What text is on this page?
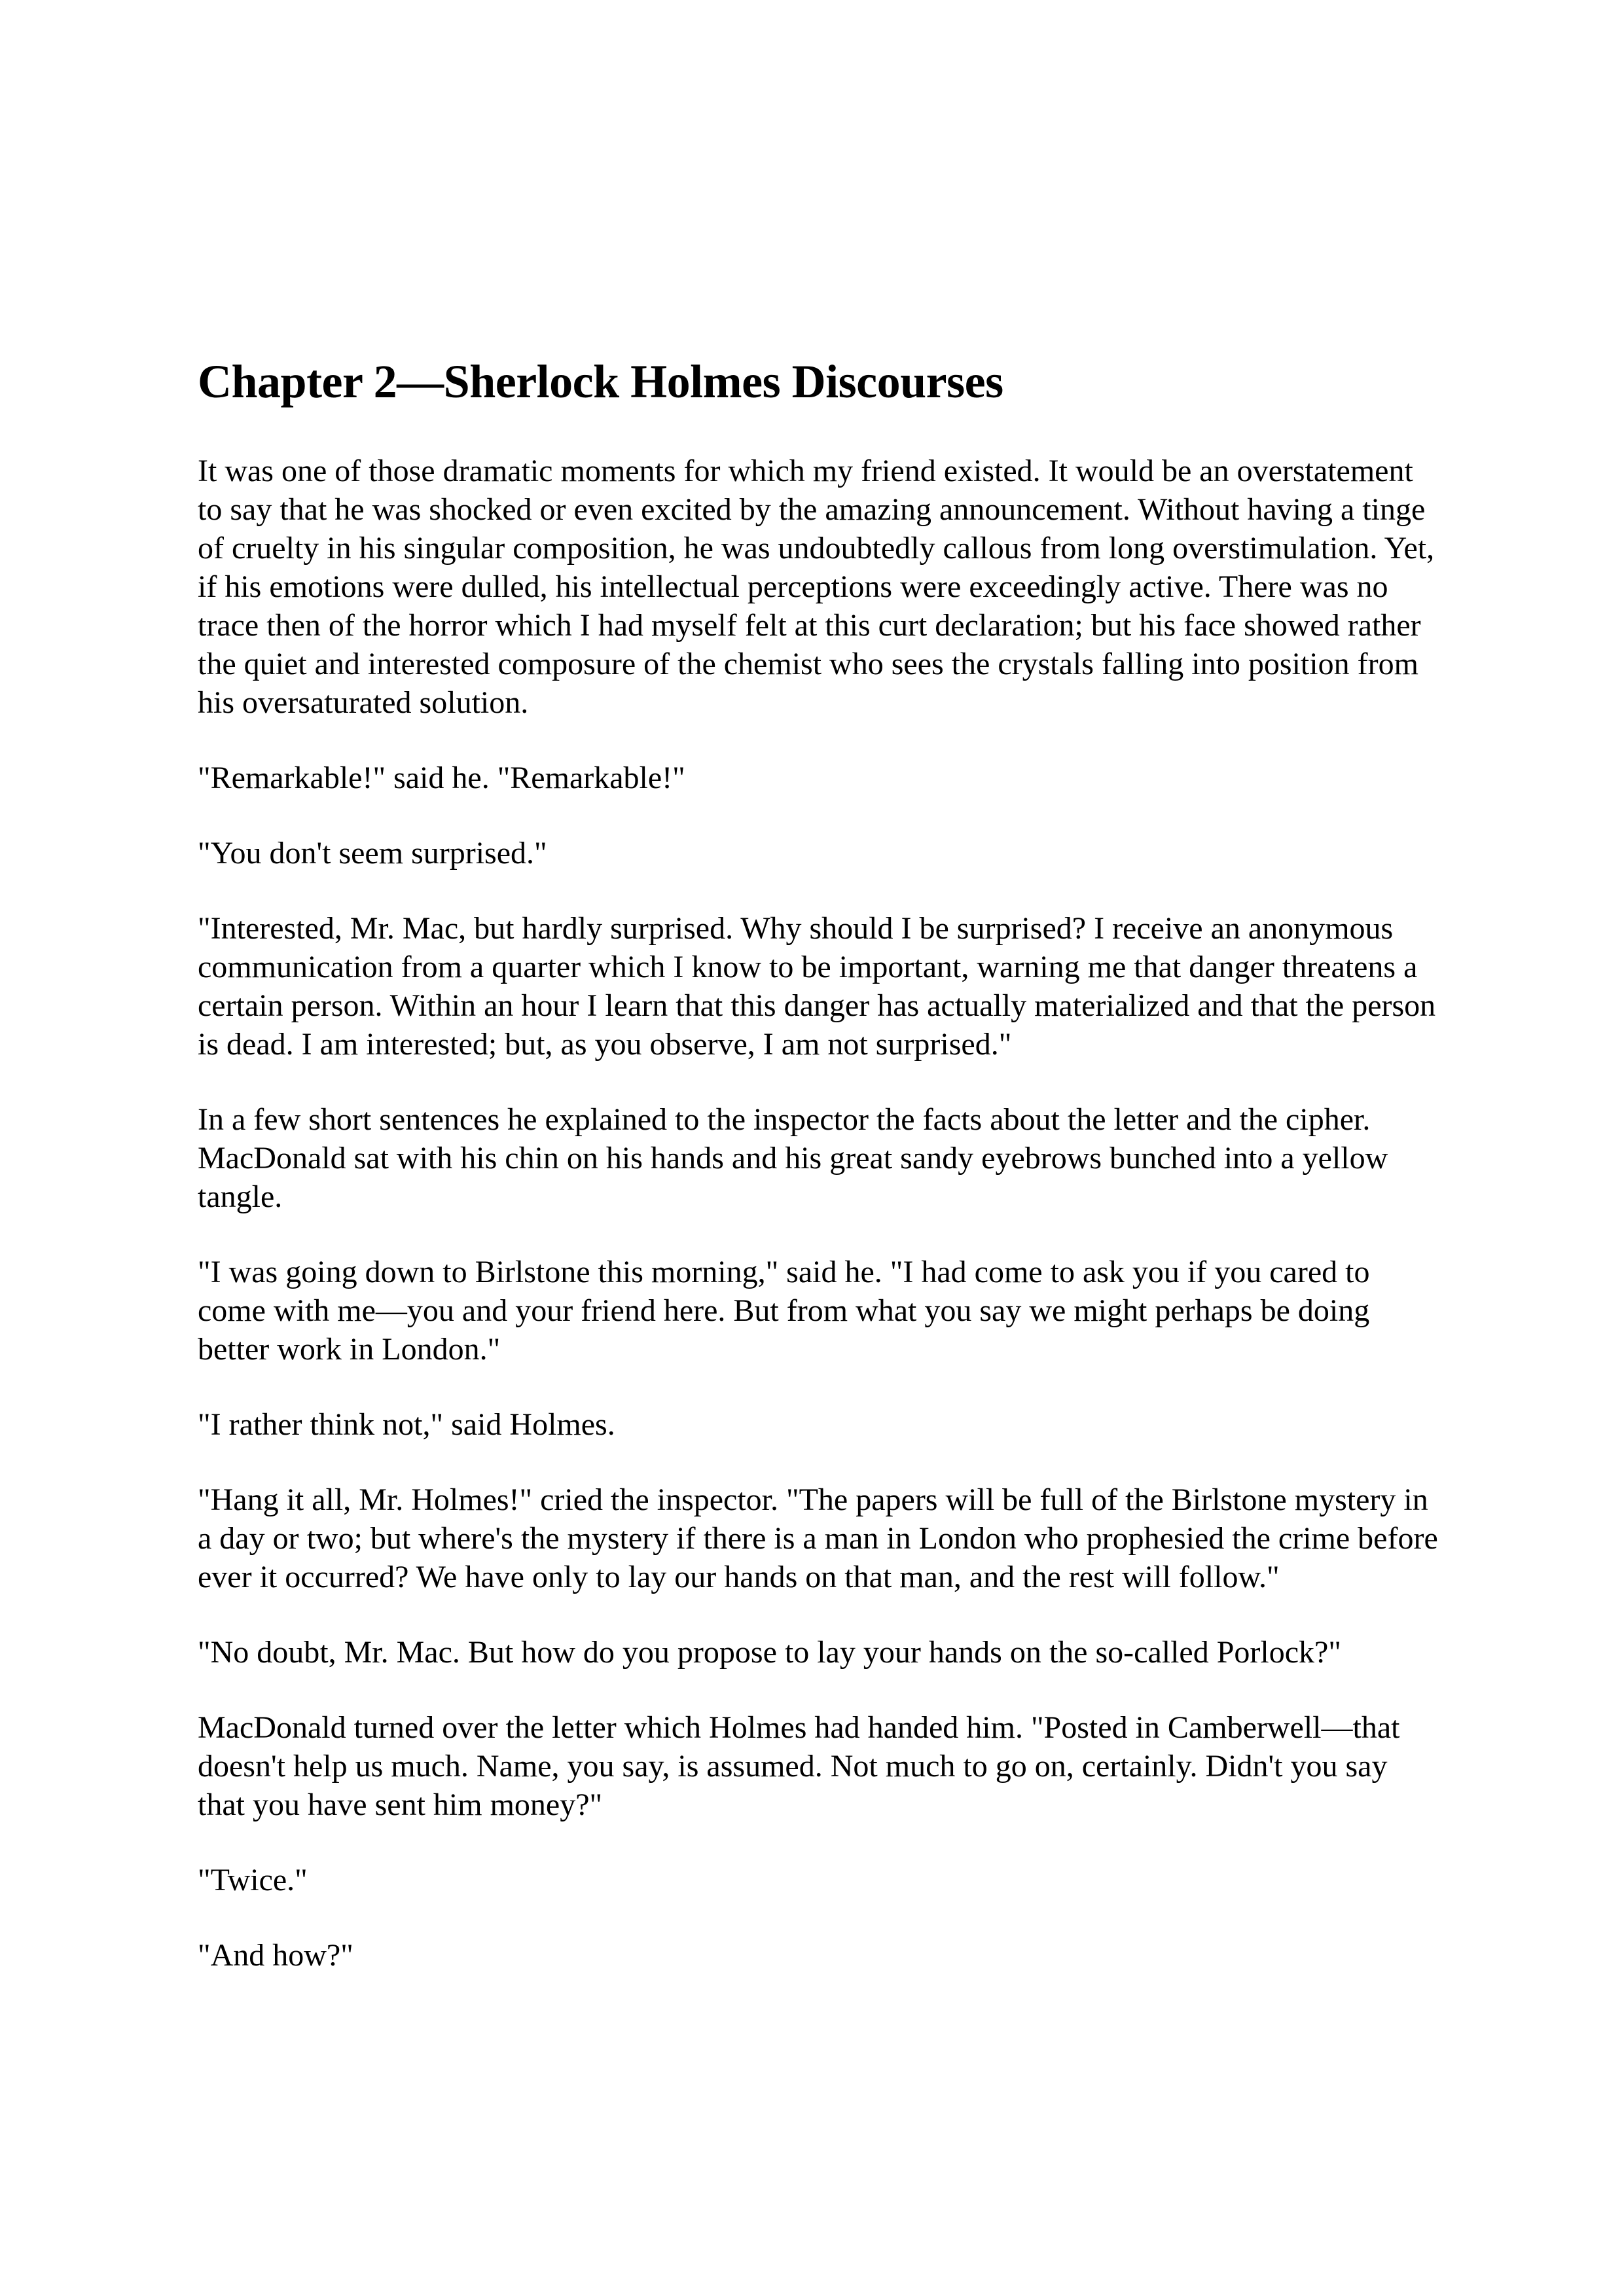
Chapter 2—Sherlock Holmes Discourses

It was one of those dramatic moments for which my friend existed. It would be an overstatement to say that he was shocked or even excited by the amazing announcement. Without having a tinge of cruelty in his singular composition, he was undoubtedly callous from long overstimulation. Yet, if his emotions were dulled, his intellectual perceptions were exceedingly active. There was no trace then of the horror which I had myself felt at this curt declaration; but his face showed rather the quiet and interested composure of the chemist who sees the crystals falling into position from his oversaturated solution.

"Remarkable!" said he. "Remarkable!"

"You don't seem surprised."

"Interested, Mr. Mac, but hardly surprised. Why should I be surprised? I receive an anonymous communication from a quarter which I know to be important, warning me that danger threatens a certain person. Within an hour I learn that this danger has actually materialized and that the person is dead. I am interested; but, as you observe, I am not surprised."

In a few short sentences he explained to the inspector the facts about the letter and the cipher. MacDonald sat with his chin on his hands and his great sandy eyebrows bunched into a yellow tangle.

"I was going down to Birlstone this morning," said he. "I had come to ask you if you cared to come with me—you and your friend here. But from what you say we might perhaps be doing better work in London."

"I rather think not," said Holmes.

"Hang it all, Mr. Holmes!" cried the inspector. "The papers will be full of the Birlstone mystery in a day or two; but where's the mystery if there is a man in London who prophesied the crime before ever it occurred? We have only to lay our hands on that man, and the rest will follow."

"No doubt, Mr. Mac. But how do you propose to lay your hands on the so-called Porlock?"

MacDonald turned over the letter which Holmes had handed him. "Posted in Camberwell—that doesn't help us much. Name, you say, is assumed. Not much to go on, certainly. Didn't you say that you have sent him money?"

"Twice."

"And how?"
